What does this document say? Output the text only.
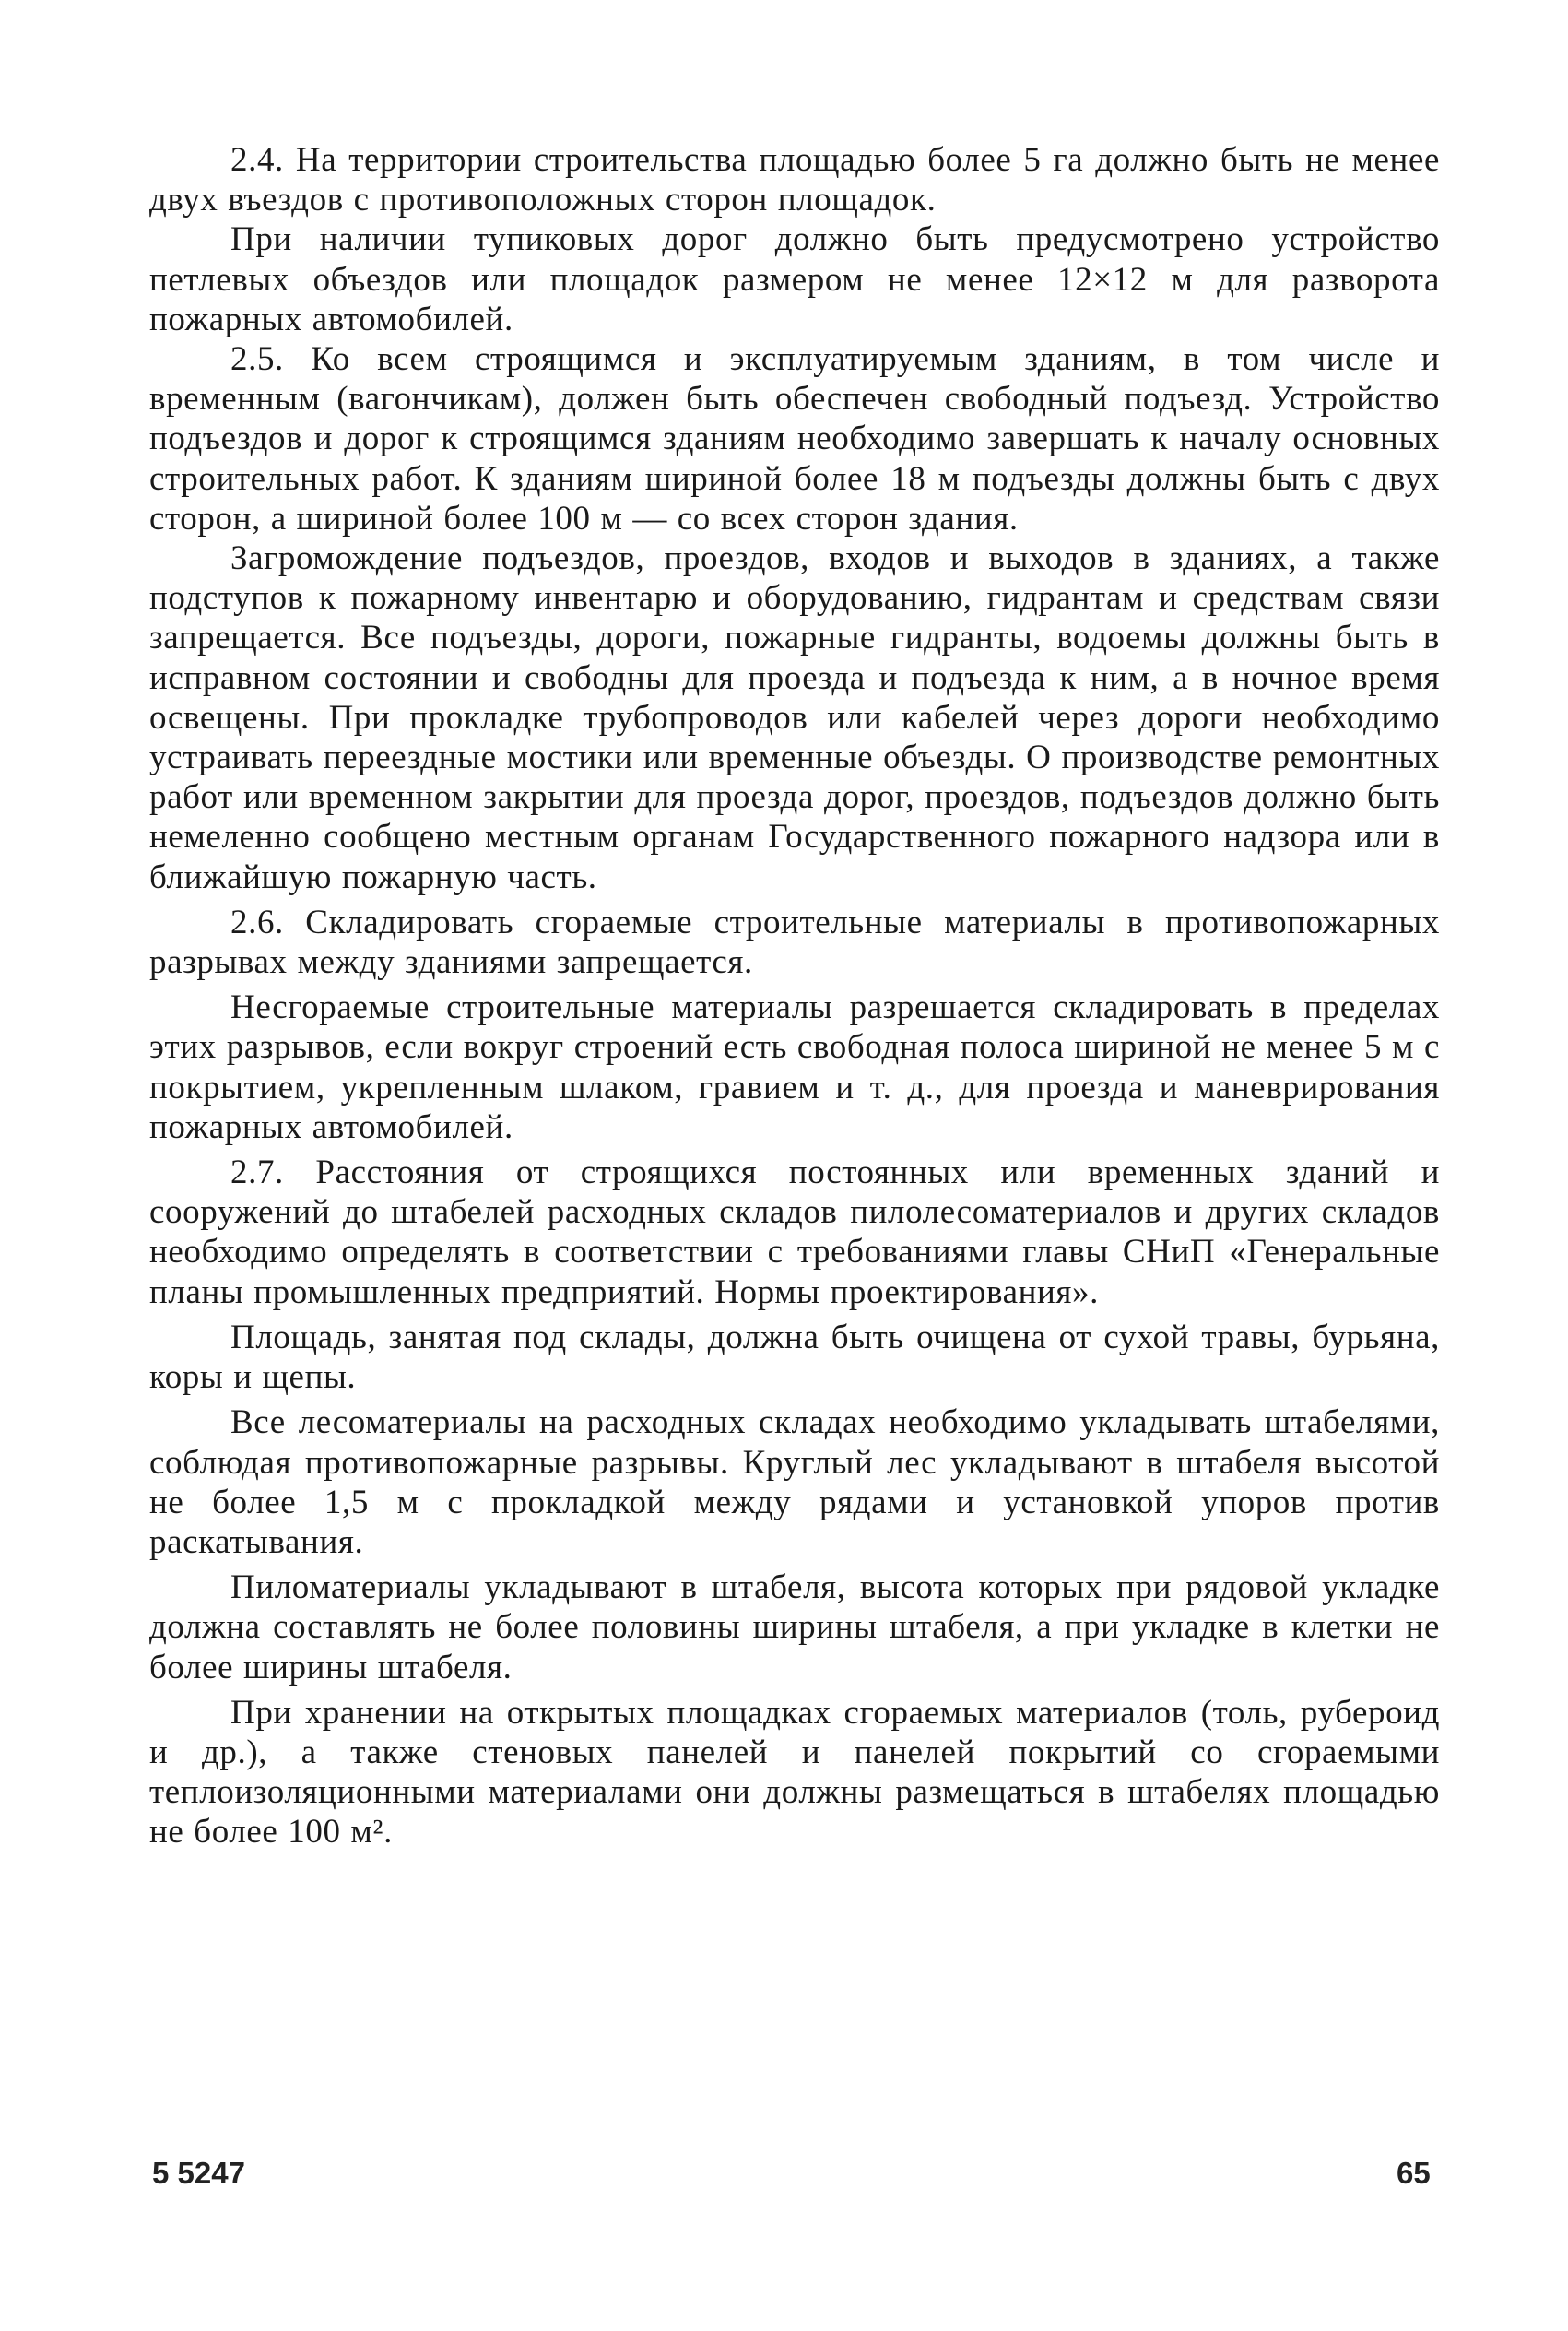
2.4. На территории строительства площадью более 5 га должно быть не менее двух въездов с противоположных сторон площадок.

При наличии тупиковых дорог должно быть предусмотрено устройство петлевых объездов или площадок размером не менее 12×12 м для разворота пожарных автомобилей.

2.5. Ко всем строящимся и эксплуатируемым зданиям, в том числе и временным (вагончикам), должен быть обеспечен свободный подъезд. Устройство подъездов и дорог к строящимся зданиям необходимо завершать к началу основных строительных работ. К зданиям шириной более 18 м подъезды должны быть с двух сторон, а шириной более 100 м — со всех сторон здания.

Загромождение подъездов, проездов, входов и выходов в зданиях, а также подступов к пожарному инвентарю и оборудованию, гидрантам и средствам связи запрещается. Все подъезды, дороги, пожарные гидранты, водоемы должны быть в исправном состоянии и свободны для проезда и подъезда к ним, а в ночное время освещены. При прокладке трубопроводов или кабелей через дороги необходимо устраивать переездные мостики или временные объезды. О производстве ремонтных работ или временном закрытии для проезда дорог, проездов, подъездов должно быть немеленно сообщено местным органам Государственного пожарного надзора или в ближайшую пожарную часть.

2.6. Складировать сгораемые строительные материалы в противопожарных разрывах между зданиями запрещается.

Несгораемые строительные материалы разрешается складировать в пределах этих разрывов, если вокруг строений есть свободная полоса шириной не менее 5 м с покрытием, укрепленным шлаком, гравием и т. д., для проезда и маневрирования пожарных автомобилей.

2.7. Расстояния от строящихся постоянных или временных зданий и сооружений до штабелей расходных складов пилолесоматериалов и других складов необходимо определять в соответствии с требованиями главы СНиП «Генеральные планы промышленных предприятий. Нормы проектирования».

Площадь, занятая под склады, должна быть очищена от сухой травы, бурьяна, коры и щепы.

Все лесоматериалы на расходных складах необходимо укладывать штабелями, соблюдая противопожарные разрывы. Круглый лес укладывают в штабеля высотой не более 1,5 м с прокладкой между рядами и установкой упоров против раскатывания.

Пиломатериалы укладывают в штабеля, высота которых при рядовой укладке должна составлять не более половины ширины штабеля, а при укладке в клетки не более ширины штабеля.

При хранении на открытых площадках сгораемых материалов (толь, рубероид и др.), а также стеновых панелей и панелей покрытий со сгораемыми теплоизоляционными материалами они должны размещаться в штабелях площадью не более 100 м².

5 5247	65
